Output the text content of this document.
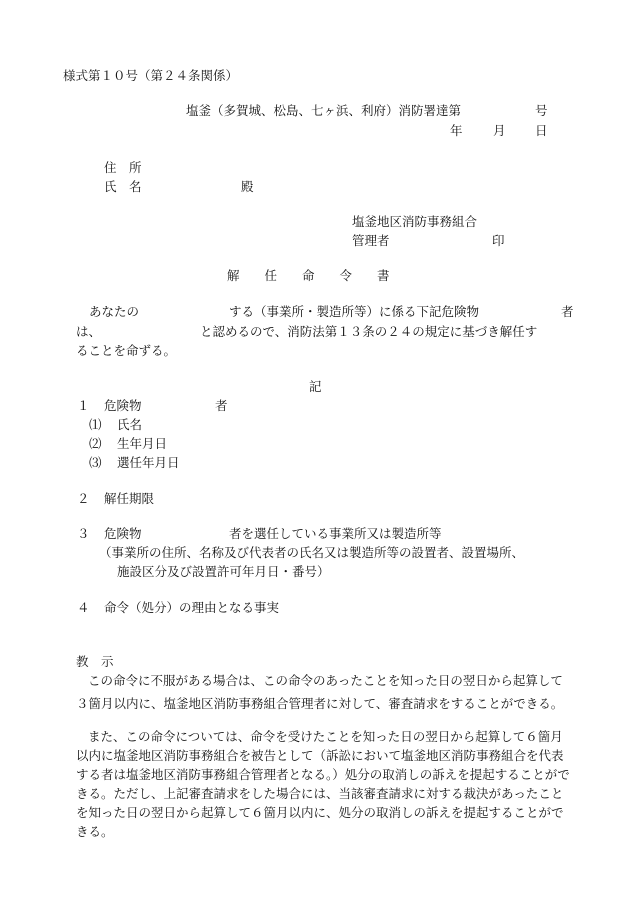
様式第１０号（第２４条関係）
塩釜（多賀城、松島、七ヶ浜、利府）消防署達第	号
年 月 日
住　所
氏　名	殿
塩釜地区消防事務組合
管理者	印
解　　任　　命　　令　　書
あなたの	する（事業所・製造所等）に係る下記危険物	者
は、	と認めるので、消防法第１３条の２４の規定に基づき解任す
ることを命ずる。
記
１ 危険物	者
⑴ 氏名
⑵ 生年月日
⑶ 選任年月日
２ 解任期限
３ 危険物	者を選任している事業所又は製造所等
（事業所の住所、名称及び代表者の氏名又は製造所等の設置者、設置場所、
施設区分及び設置許可年月日・番号）
４ 命令（処分）の理由となる事実
教　示
この命令に不服がある場合は、この命令のあったことを知った日の翌日から起算して３箇月以内に、塩釜地区消防事務組合管理者に対して、審査請求をすることができる。
また、この命令については、命令を受けたことを知った日の翌日から起算して６箇月以内に塩釜地区消防事務組合を被告として（訴訟において塩釜地区消防事務組合を代表する者は塩釜地区消防事務組合管理者となる。）処分の取消しの訴えを提起することができる。ただし、上記審査請求をした場合には、当該審査請求に対する裁決があったことを知った日の翌日から起算して６箇月以内に、処分の取消しの訴えを提起することができる。
